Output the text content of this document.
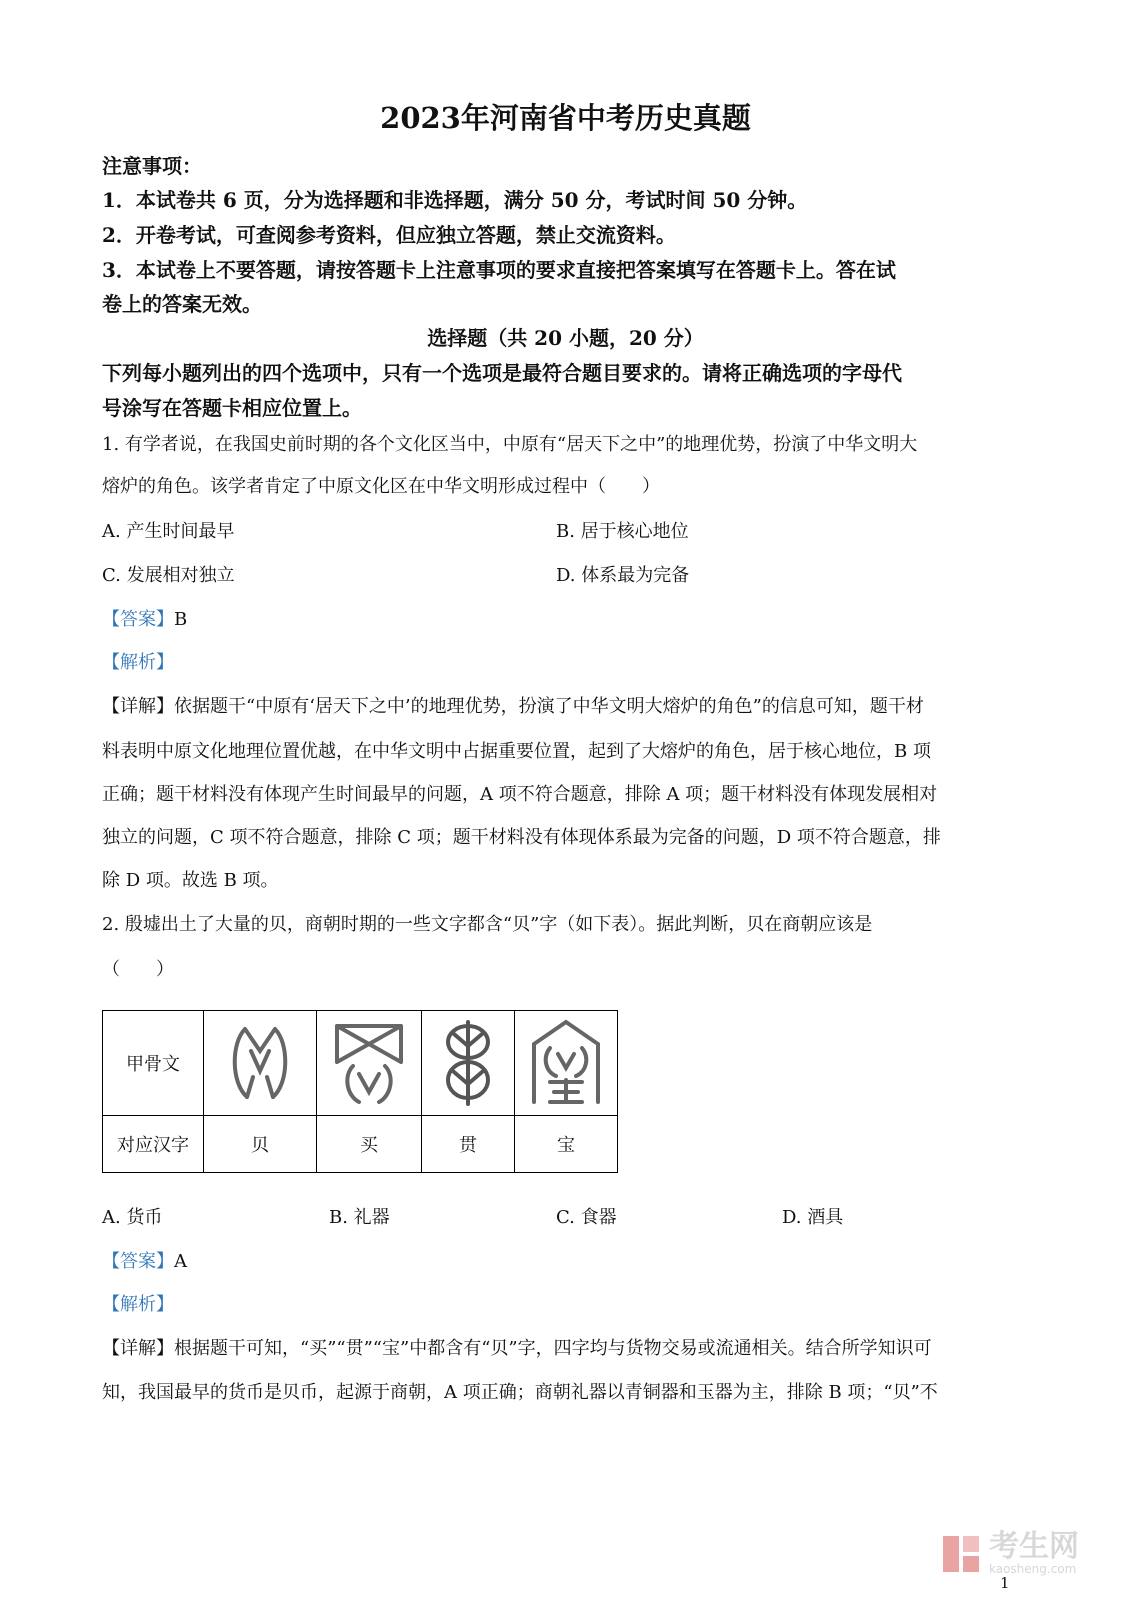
2023年河南省中考历史真题
注意事项：
1．本试卷共 6 页，分为选择题和非选择题，满分 50 分，考试时间 50 分钟。
2．开卷考试，可查阅参考资料，但应独立答题，禁止交流资料。
3．本试卷上不要答题，请按答题卡上注意事项的要求直接把答案填写在答题卡上。答在试
卷上的答案无效。
选择题（共 20 小题，20 分）
下列每小题列出的四个选项中，只有一个选项是最符合题目要求的。请将正确选项的字母代
号涂写在答题卡相应位置上。
1. 有学者说，在我国史前时期的各个文化区当中，中原有“居天下之中”的地理优势，扮演了中华文明大
熔炉的角色。该学者肯定了中原文化区在中华文明形成过程中（　　）
A. 产生时间最早	B. 居于核心地位
C. 发展相对独立	D. 体系最为完备
【答案】B
【解析】
【详解】依据题干“中原有‘居天下之中’的地理优势，扮演了中华文明大熔炉的角色”的信息可知，题干材
料表明中原文化地理位置优越，在中华文明中占据重要位置，起到了大熔炉的角色，居于核心地位，B 项
正确；题干材料没有体现产生时间最早的问题，A 项不符合题意，排除 A 项；题干材料没有体现发展相对
独立的问题，C 项不符合题意，排除 C 项；题干材料没有体现体系最为完备的问题，D 项不符合题意，排
除 D 项。故选 B 项。
2. 殷墟出土了大量的贝，商朝时期的一些文字都含“贝”字（如下表）。据此判断，贝在商朝应该是
（　　）
甲骨文	

对应汉字	贝	买	贯	宝
A. 货币	B. 礼器	C. 食器	D. 酒具
【答案】A
【解析】
【详解】根据题干可知，“买”“贯”“宝”中都含有“贝”字，四字均与货物交易或流通相关。结合所学知识可
知，我国最早的货币是贝币，起源于商朝，A 项正确；商朝礼器以青铜器和玉器为主，排除 B 项；“贝”不
考生网
kaosheng.com
1
